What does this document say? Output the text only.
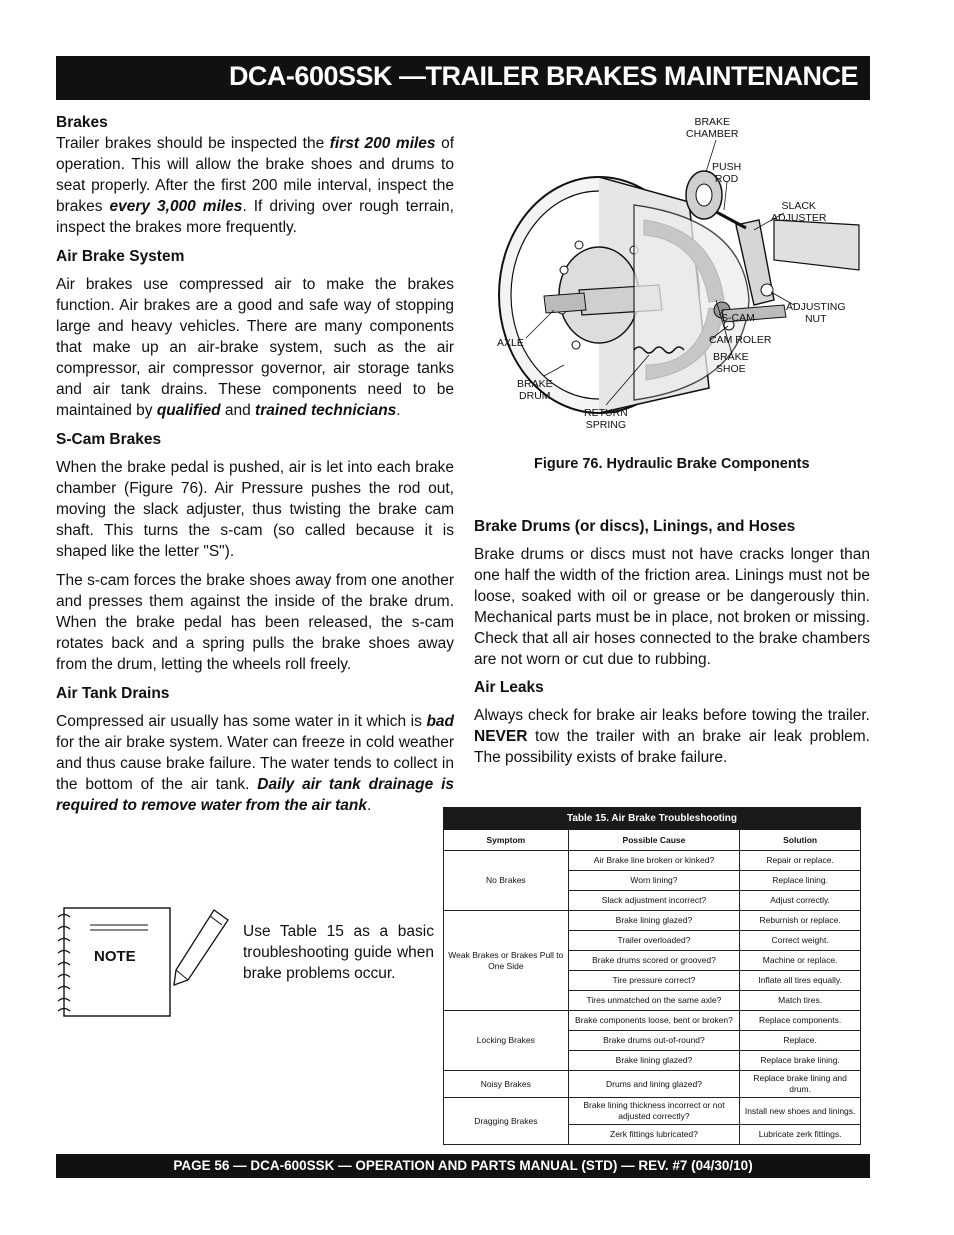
DCA-600SSK —TRAILER BRAKES MAINTENANCE
Brakes

Trailer brakes should be inspected the first 200 miles of operation. This will allow the brake shoes and drums to seat properly. After the first 200 mile interval, inspect the brakes every 3,000 miles. If driving over rough terrain, inspect the brakes more frequently.

Air Brake System

Air brakes use compressed air to make the brakes function. Air brakes are a good and safe way of stopping large and heavy vehicles. There are many components that make up an air-brake system, such as the air compressor, air compressor governor, air storage tanks and air tank drains. These components need to be maintained by qualified and trained technicians.

S-Cam Brakes

When the brake pedal is pushed, air is let into each brake chamber (Figure 76). Air Pressure pushes the rod out, moving the slack adjuster, thus twisting the brake cam shaft. This turns the s-cam (so called because it is shaped like the letter "S").

The s-cam forces the brake shoes away from one another and presses them against the inside of the brake drum. When the brake pedal has been released, the s-cam rotates back and a spring pulls the brake shoes away from the drum, letting the wheels roll freely.

Air Tank Drains

Compressed air usually has some water in it which is bad for the air brake system. Water can freeze in cold weather and thus cause brake failure. The water tends to collect in the bottom of the air tank. Daily air tank drainage is required to remove water from the air tank.

BRAKE
CHAMBER
PUSH
ROD
SLACK
ADJUSTER
ADJUSTING
NUT
S-CAM
CAM ROLER
BRAKE
SHOE
AXLE
BRAKE
DRUM
RETURN
SPRING
Figure 76. Hydraulic Brake Components
Brake Drums (or discs), Linings, and Hoses

Brake drums or discs must not have cracks longer than one half the width of the friction area. Linings must not be loose, soaked with oil or grease or be dangerously thin. Mechanical parts must be in place, not broken or missing. Check that all air hoses connected to the brake chambers are not worn or cut due to rubbing.

Air Leaks

Always check for brake air leaks before towing the trailer. NEVER tow the trailer with an brake air leak problem. The possibility exists of brake failure.

NOTE
Use Table 15 as a basic troubleshooting guide when brake problems occur.
Table 15. Air Brake Troubleshooting		
Symptom	Possible Cause	Solution
No Brakes	Air Brake line broken or kinked?	Repair or replace.
	Worn lining?	Replace lining.
	Slack adjustment incorrect?	Adjust correctly.
Weak Brakes or Brakes Pull to One Side	Brake lining glazed?	Reburnish or replace.
	Trailer overloaded?	Correct weight.
	Brake drums scored or grooved?	Machine or replace.
	Tire pressure correct?	Inflate all tires equally.
	Tires unmatched on the same axle?	Match tires.
Locking Brakes	Brake components loose, bent or broken?	Replace components.
	Brake drums out-of-round?	Replace.
	Brake lining glazed?	Replace brake lining.
Noisy Brakes	Drums and lining glazed?	Replace brake lining and drum.
Dragging Brakes	Brake lining thickness incorrect or not adjusted correctly?	Install new shoes and linings.
	Zerk fittings lubricated?	Lubricate zerk fittings.
PAGE 56 — DCA-600SSK — OPERATION AND PARTS MANUAL (STD) — REV. #7 (04/30/10)
